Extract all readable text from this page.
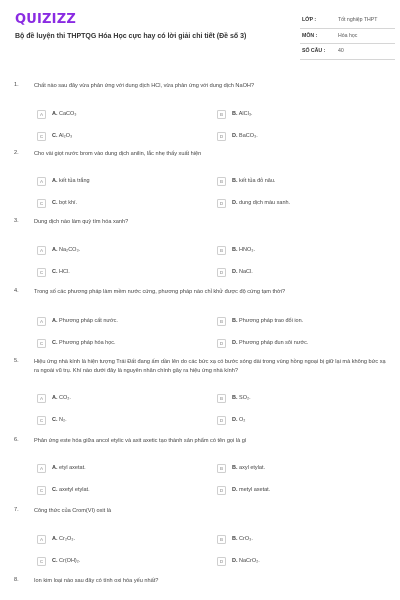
QUIZIZZ
Bộ đề luyện thi THPTQG Hóa Học cực hay có lời giải chi tiết (Đề số 3)
LỚP :	Tốt nghiệp THPT
MÔN :	Hóa học
SỐ CÂU : 40
1.	Chất nào sau đây vừa phản ứng với dung dịch HCl, vừa phản ứng với dung dịch NaOH?
A	A. CaCO₃	B	B. AlCl₃.
C	C. Al₂O₃	D	D. BaCO₃.
2.	Cho vài giọt nước brom vào dung dịch anilin, lắc nhẹ thấy xuất hiện
A	A. kết tủa trắng	B	B. kết tủa đỏ nâu.
C	C. bọt khí.	D	D. dung dịch màu xanh.
3.	Dung dịch nào làm quỳ tím hóa xanh?
A	A. Na₂CO₃.	B	B. HNO₃.
C	C. HCl.	D	D. NaCl.
4.	Trong số các phương pháp làm mềm nước cứng, phương pháp nào chỉ khử được độ cứng tạm thời?
A	A. Phương pháp cất nước.	B	B. Phương pháp trao đổi ion.
C	C. Phương pháp hóa học.	D	D. Phương pháp đun sôi nước.
5.	Hiệu ứng nhà kính là hiện tượng Trái Đất đang ấm dần lên do các bức xạ có bước sóng dài trong vùng hồng ngoại bị giữ lại mà không bức xạ ra ngoài vũ trụ. Khí nào dưới đây là nguyên nhân chính gây ra hiệu ứng nhà kính?
A	A. CO₂.	B	B. SO₂.
C	C. N₂.	D	D. O₂
6.	Phản ứng este hóa giữa ancol etylic và axit axetic tạo thành sản phẩm có tên gọi là gì
A	A. etyl axetat.	B	B. axyl etylat.
C	C. axetyl etylat.	D	D. metyl axetat.
7.	Công thức của Crom(VI) oxit là
A	A. Cr₂O₃.	B	B. CrO₃.
C	C. Cr(OH)₂.	D	D. NaCrO₂.
8.	Ion kim loại nào sau đây có tính oxi hóa yếu nhất?
